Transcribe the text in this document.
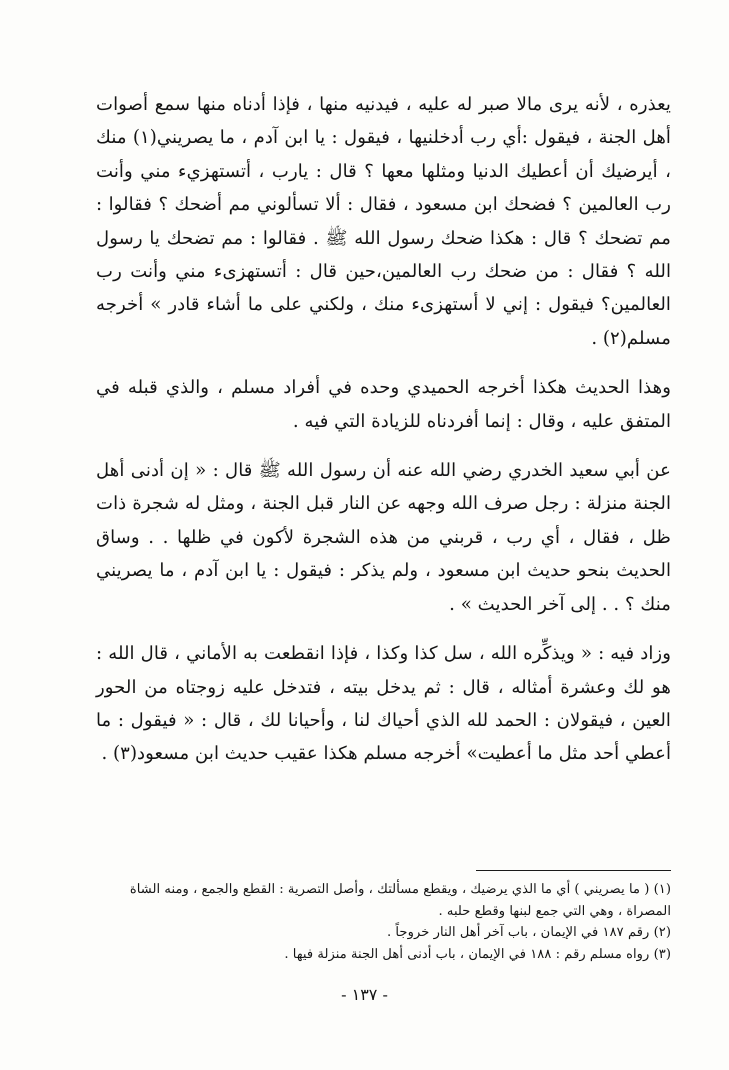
يعذره ، لأنه يرى مالا صبر له عليه ، فيدنيه منها ، فإذا أدناه منها سمع أصوات أهل الجنة ، فيقول :أي رب أدخلنيها ، فيقول : يا ابن آدم ، ما يصريني(١) منك ، أيرضيك أن أعطيك الدنيا ومثلها معها ؟ قال : يارب ، أتستهزيء مني وأنت رب العالمين ؟ فضحك ابن مسعود ، فقال : ألا تسألوني مم أضحك ؟ فقالوا : مم تضحك ؟ قال : هكذا ضحك رسول الله ﷺ . فقالوا : مم تضحك يا رسول الله ؟ فقال : من ضحك رب العالمين،حين قال : أتستهزىء مني وأنت رب العالمين؟ فيقول : إني لا أستهزىء منك ، ولكني على ما أشاء قادر » أخرجه مسلم(٢) .

وهذا الحديث هكذا أخرجه الحميدي وحده في أفراد مسلم ، والذي قبله في المتفق عليه ، وقال : إنما أفردناه للزيادة التي فيه .

عن أبي سعيد الخدري رضي الله عنه أن رسول الله ﷺ قال : « إن أدنى أهل الجنة منزلة : رجل صرف الله وجهه عن النار قبل الجنة ، ومثل له شجرة ذات ظل ، فقال ، أي رب ، قربني من هذه الشجرة لأكون في ظلها . . وساق الحديث بنحو حديث ابن مسعود ، ولم يذكر : فيقول : يا ابن آدم ، ما يصريني منك ؟ . . إلى آخر الحديث » .

وزاد فيه : « ويذكِّره الله ، سل كذا وكذا ، فإذا انقطعت به الأماني ، قال الله : هو لك وعشرة أمثاله ، قال : ثم يدخل بيته ، فتدخل عليه زوجتاه من الحور العين ، فيقولان : الحمد لله الذي أحياك لنا ، وأحيانا لك ، قال : « فيقول : ما أعطي أحد مثل ما أعطيت» أخرجه مسلم هكذا عقيب حديث ابن مسعود(٣) .

(١) ( ما يصريني ) أي ما الذي يرضيك ، ويقطع مسألتك ، وأصل التصرية : القطع والجمع ، ومنه الشاة المصراة ، وهي التي جمع لبنها وقطع حلبه .

(٢) رقم ١٨٧ في الإيمان ، باب آخر أهل النار خروجاً .

(٣) رواه مسلم رقم : ١٨٨ في الإيمان ، باب أدنى أهل الجنة منزلة فيها .

- ١٣٧ -
